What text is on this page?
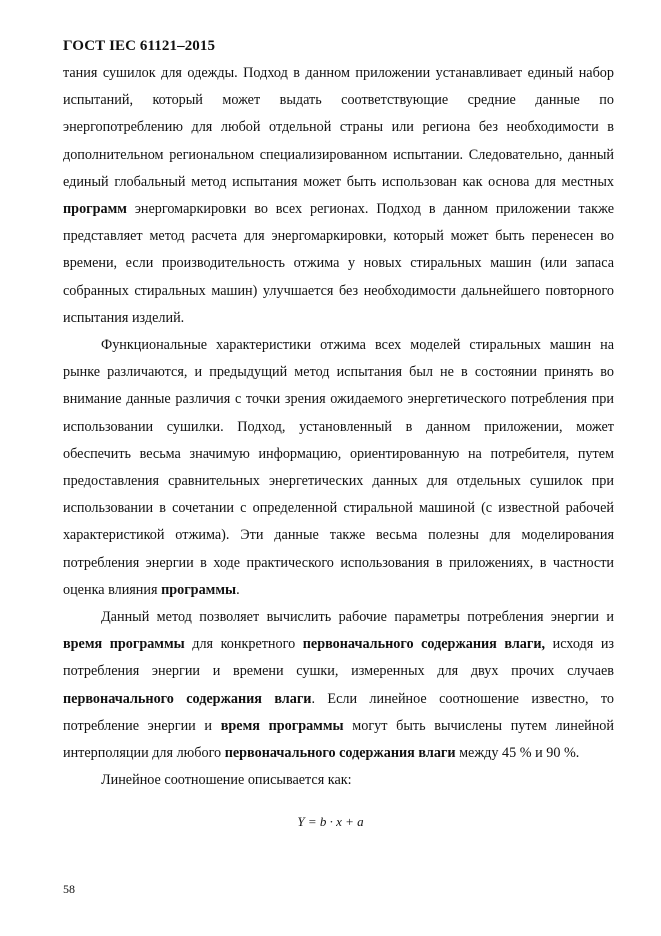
ГОСТ IEC 61121–2015

тания сушилок для одежды. Подход в данном приложении устанавливает единый набор испытаний, который может выдать соответствующие средние данные по энергопотреблению для любой отдельной страны или региона без необходимости в дополнительном региональном специализированном испытании. Следовательно, данный единый глобальный метод испытания может быть использован как основа для местных программ энергомаркировки во всех регионах. Подход в данном приложении также представляет метод расчета для энергомаркировки, который может быть перенесен во времени, если производительность отжима у новых стиральных машин (или запаса собранных стиральных машин) улучшается без необходимости дальнейшего повторного испытания изделий.

Функциональные характеристики отжима всех моделей стиральных машин на рынке различаются, и предыдущий метод испытания был не в состоянии принять во внимание данные различия с точки зрения ожидаемого энергетического потребления при использовании сушилки. Подход, установленный в данном приложении, может обеспечить весьма значимую информацию, ориентированную на потребителя, путем предоставления сравнительных энергетических данных для отдельных сушилок при использовании в сочетании с определенной стиральной машиной (с известной рабочей характеристикой отжима). Эти данные также весьма полезны для моделирования потребления энергии в ходе практического использования в приложениях, в частности оценка влияния программы.

Данный метод позволяет вычислить рабочие параметры потребления энергии и время программы для конкретного первоначального содержания влаги, исходя из потребления энергии и времени сушки, измеренных для двух прочих случаев первоначального содержания влаги. Если линейное соотношение известно, то потребление энергии и время программы могут быть вычислены путем линейной интерполяции для любого первоначального содержания влаги между 45 % и 90 %.

Линейное соотношение описывается как:

Y = b · x + a
58
